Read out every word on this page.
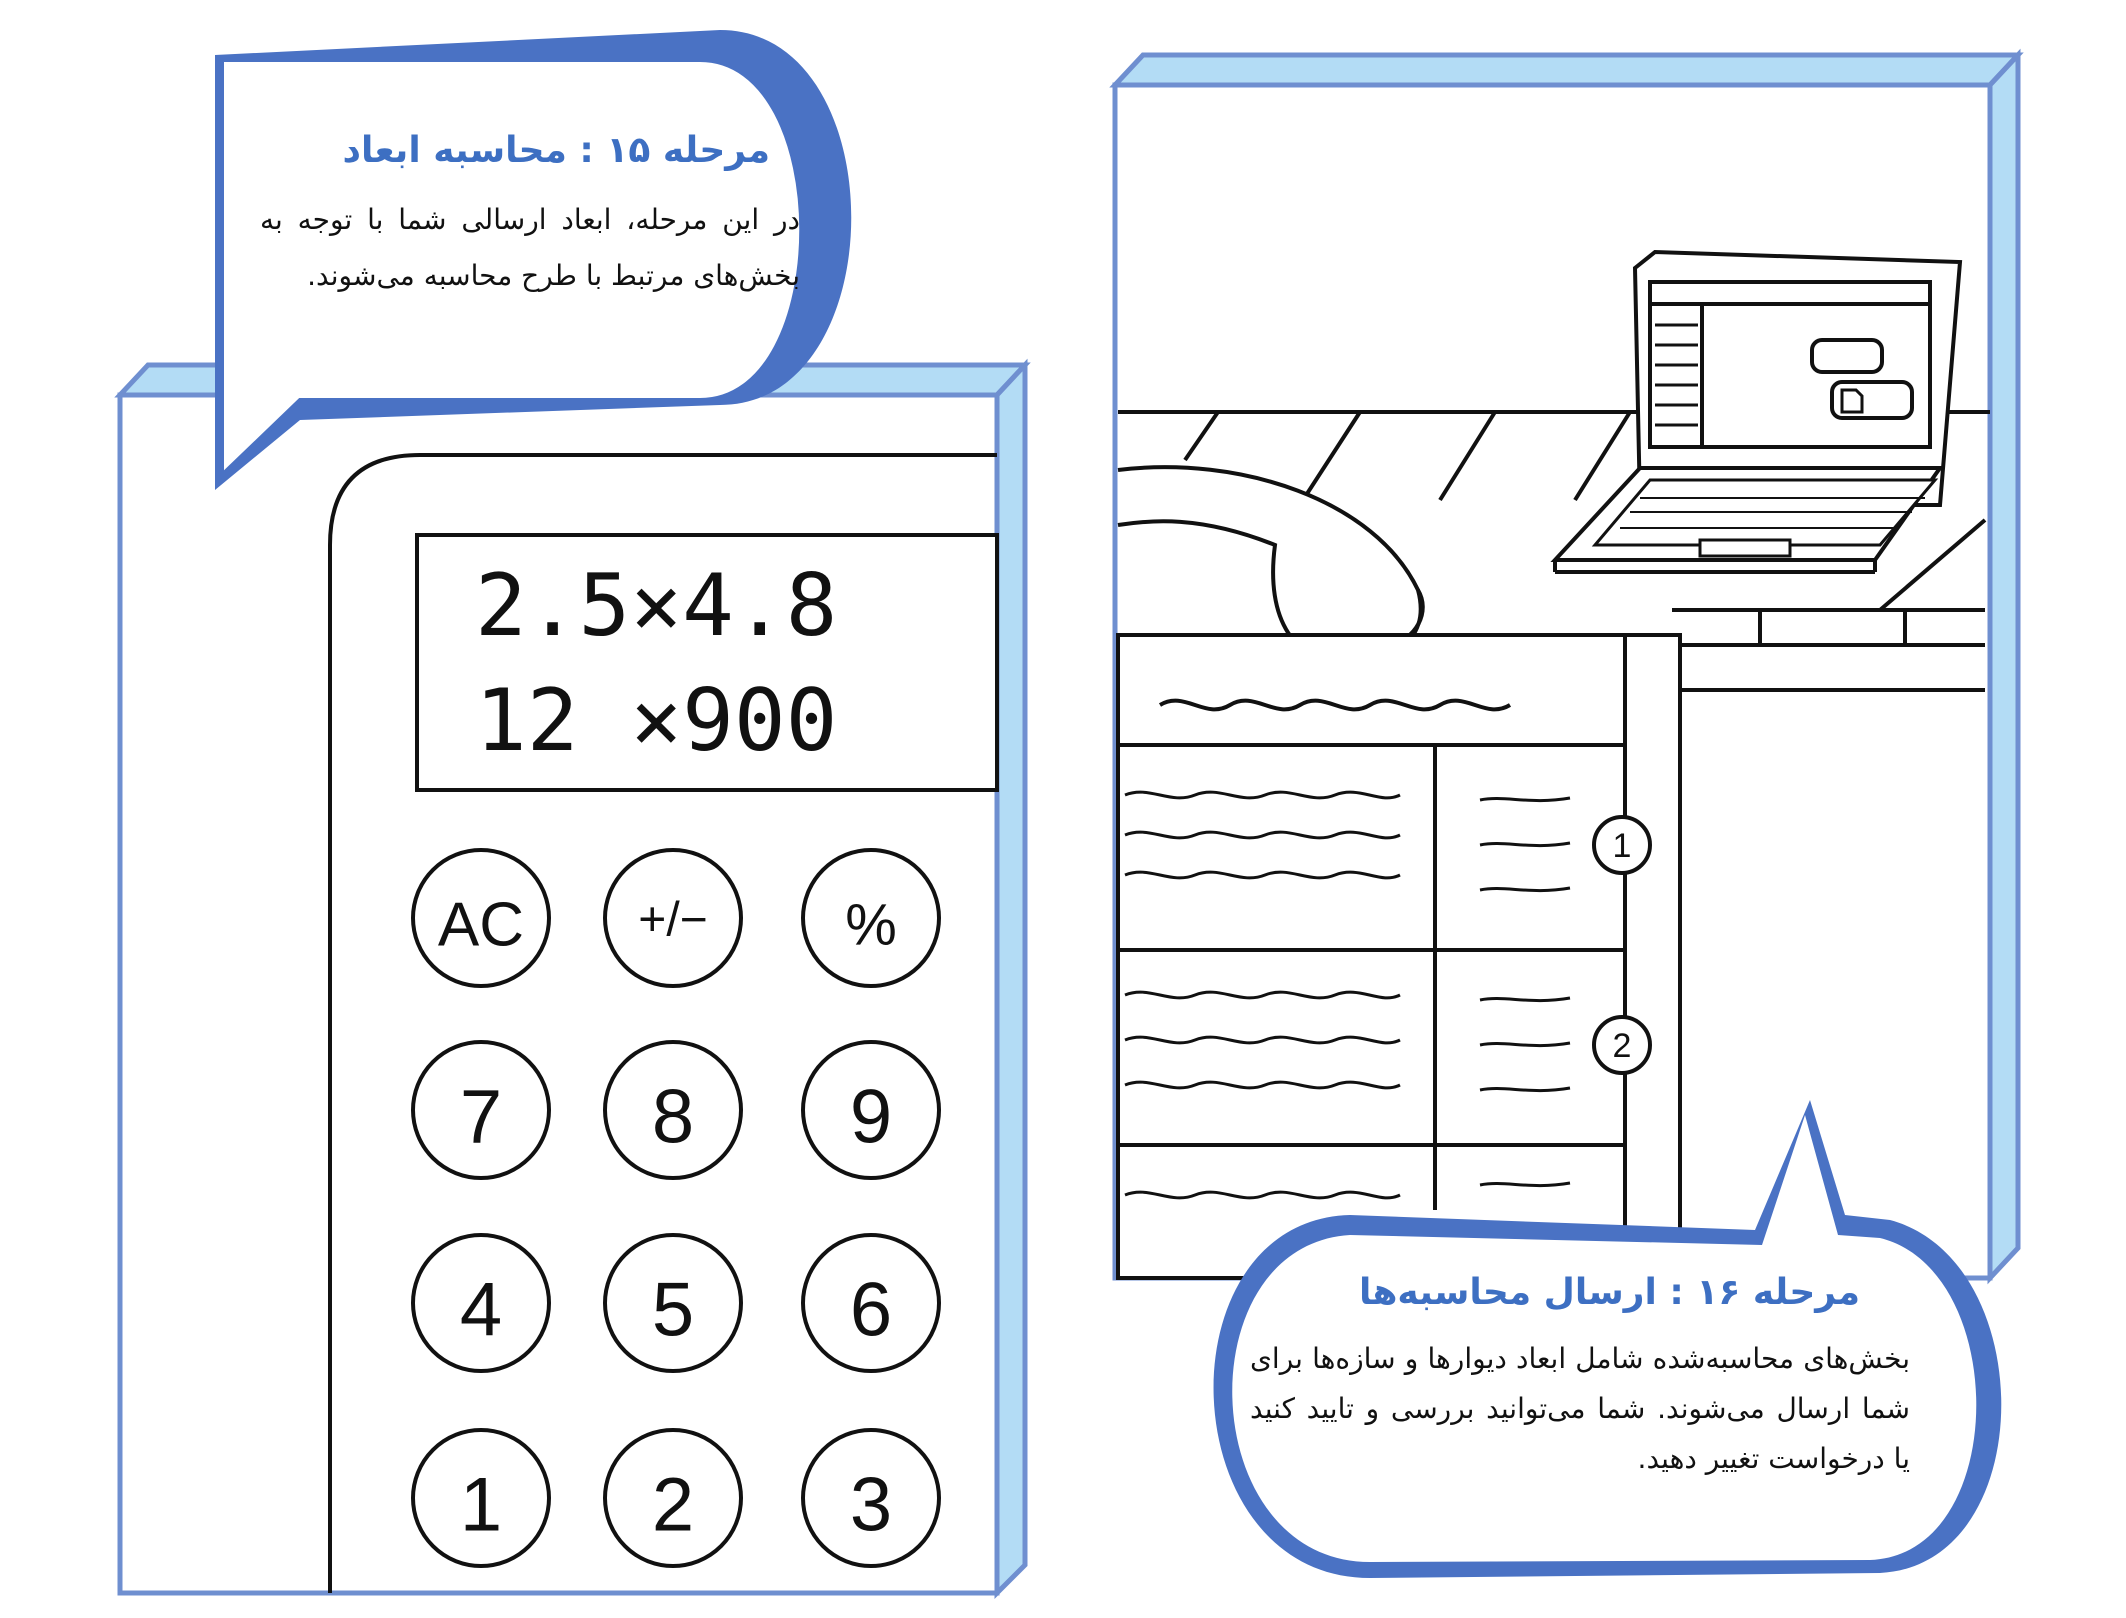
2.5×4.8
12 ×900
AC +/− %
7 8 9
4 5 6
1 2 3
1
2
مرحله ۱۵ : محاسبه ابعاد
در این مرحله، ابعاد ارسالی شما با توجه به بخش‌های مرتبط با طرح محاسبه می‌شوند.
مرحله ۱۶ : ارسال محاسبه‌ها
بخش‌های محاسبه‌شده شامل ابعاد دیوارها و سازه‌ها برای شما ارسال می‌شوند. شما می‌توانید بررسی و تایید کنید یا درخواست تغییر دهید.
